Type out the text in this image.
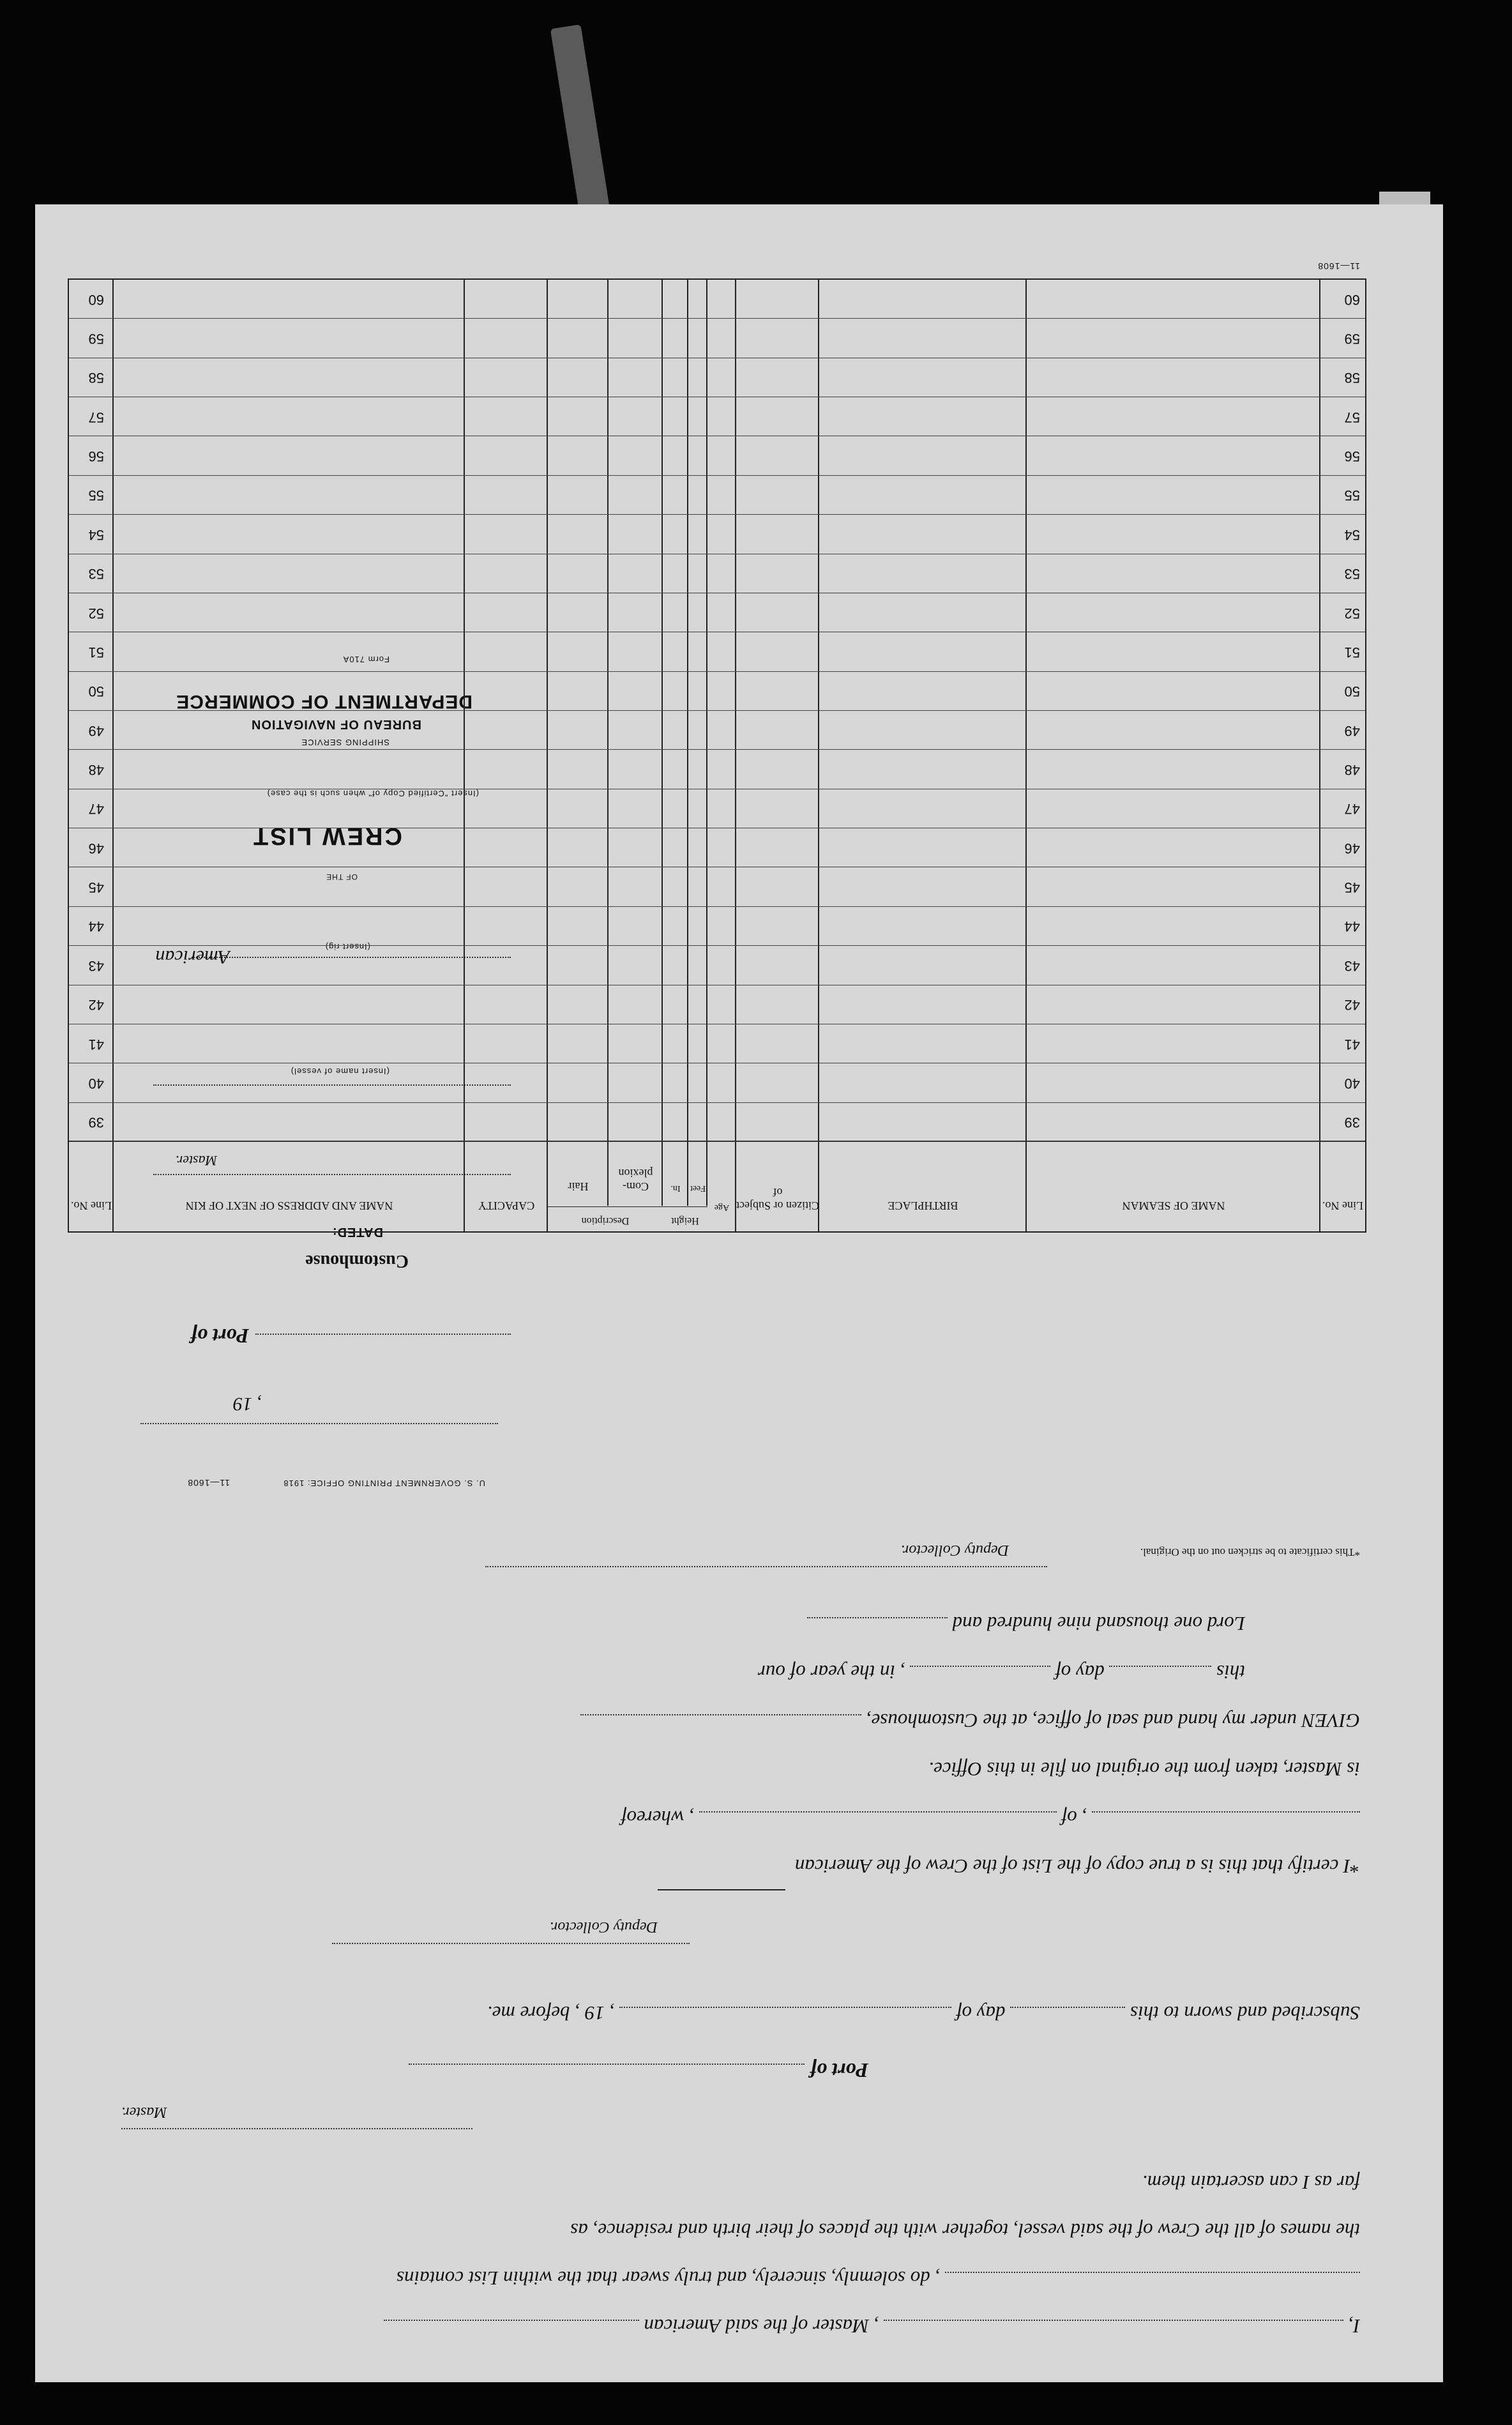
I,  , Master of the said American
, do solemnly, sincerely, and truly swear that the within List contains
the names of all the Crew of the said vessel, together with the places of their birth and residence, as
far as I can ascertain them.
Master.
Port of
Subscribed and sworn to this  day of  , 19 , before me.
Deputy Collector.
*I certify that this is a true copy of the List of the Crew of the American
, of  , whereof
is Master, taken from the original on file in this Office.
GIVEN under my hand and seal of office, at the Customhouse,
this  day of  , in the year of our
Lord one thousand nine hundred and
Deputy Collector.	*This certificate to be stricken out on the Original.
U. S. GOVERNMENT PRINTING OFFICE: 1918
11—1608
, 19
Port of
Customhouse
DATED:
Master.
(Insert name of vessel)
American	(Insert rig)
OF THE
CREW LIST
(Insert "Certified Copy of" when such is the case)
SHIPPING SERVICE
BUREAU OF NAVIGATION
DEPARTMENT OF COMMERCE
Form 710A
Line No.
NAME OF SEAMAN
BIRTHPLACE
Citizen or Subject of
Age
Feet
In.
Com-plexion
Hair
CAPACITY
NAME AND ADDRESS OF NEXT OF KIN
Line No.
Height
Description
39
39
40
40
41
41
42
42
43
43
44
44
45
45
46
46
47
47
48
48
49
49
50
50
51
51
52
52
53
53
54
54
55
55
56
56
57
57
58
58
59
59
60
60
11—1608
